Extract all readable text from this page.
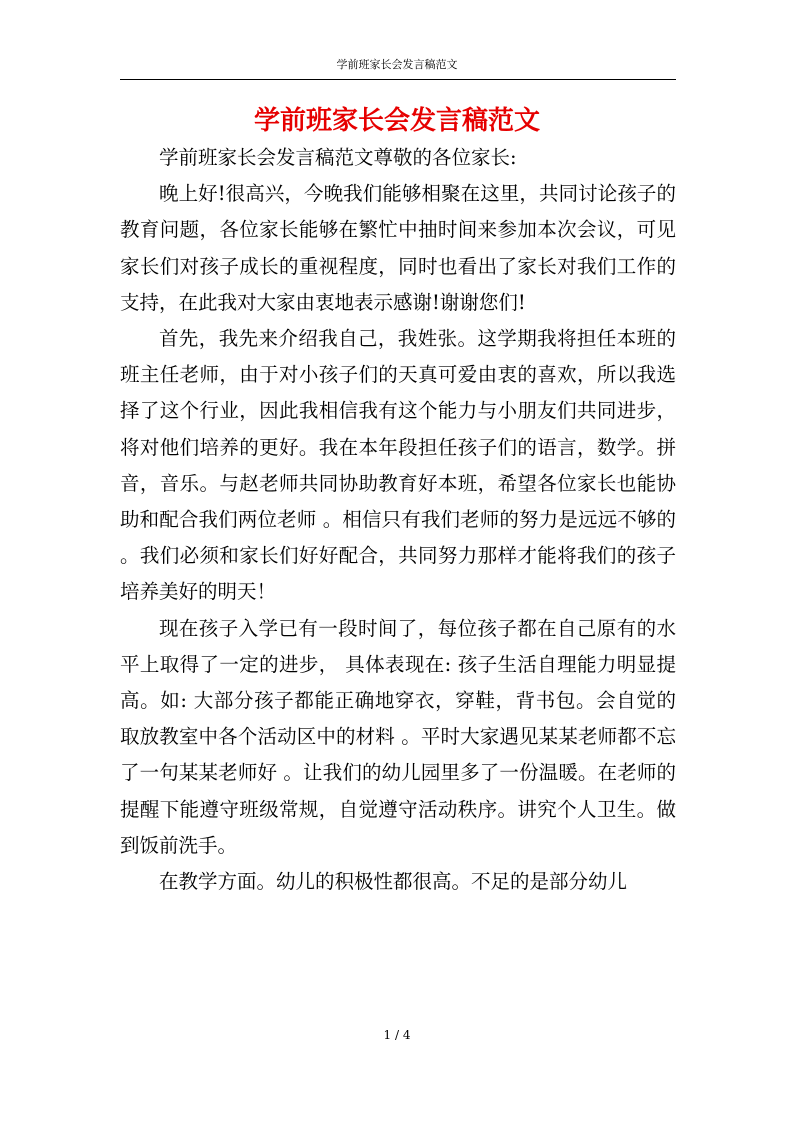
学前班家长会发言稿范文
学前班家长会发言稿范文

学前班家长会发言稿范文尊敬的各位家长:

晚上好!很高兴，今晚我们能够相聚在这里，共同讨论孩子的教育问题，各位家长能够在繁忙中抽时间来参加本次会议，可见家长们对孩子成长的重视程度，同时也看出了家长对我们工作的支持，在此我对大家由衷地表示感谢!谢谢您们!

首先，我先来介绍我自己，我姓张。这学期我将担任本班的班主任老师，由于对小孩子们的天真可爱由衷的喜欢，所以我选择了这个行业，因此我相信我有这个能力与小朋友们共同进步，将对他们培养的更好。我在本年段担任孩子们的语言，数学。拼音，音乐。与赵老师共同协助教育好本班，希望各位家长也能协助和配合我们两位老师 。相信只有我们老师的努力是远远不够的 。我们必须和家长们好好配合，共同努力那样才能将我们的孩子培养美好的明天！

现在孩子入学已有一段时间了，每位孩子都在自己原有的水平上取得了一定的进步， 具体表现在: 孩子生活自理能力明显提高。如: 大部分孩子都能正确地穿衣，穿鞋，背书包。会自觉的取放教室中各个活动区中的材料 。平时大家遇见某某老师都不忘了一句某某老师好 。让我们的幼儿园里多了一份温暖。在老师的提醒下能遵守班级常规，自觉遵守活动秩序。讲究个人卫生。做到饭前洗手。

在教学方面。幼儿的积极性都很高。不足的是部分幼儿

1 / 4
